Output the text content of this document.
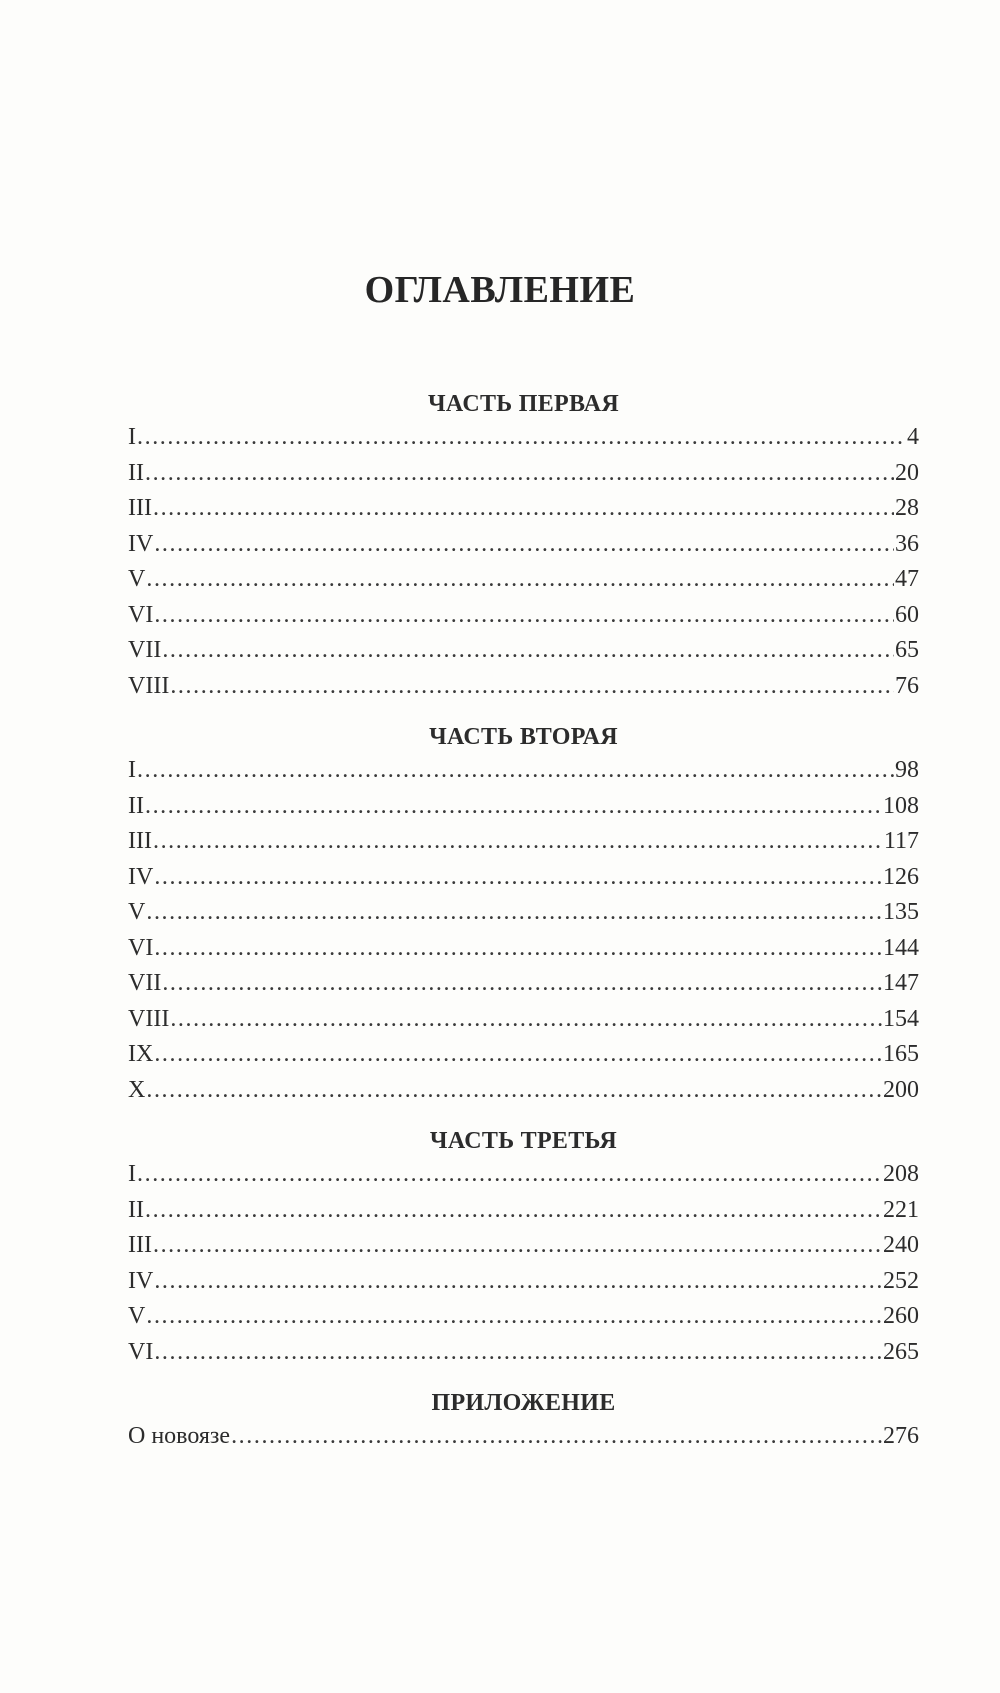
ОГЛАВЛЕНИЕ
ЧАСТЬ ПЕРВАЯ
I .....	4
II .....	20
III .....	28
IV .....	36
V .....	47
VI .....	60
VII .....	65
VIII .....	76
ЧАСТЬ ВТОРАЯ
I .....	98
II .....	108
III .....	117
IV .....	126
V .....	135
VI .....	144
VII .....	147
VIII .....	154
IX .....	165
X .....	200
ЧАСТЬ ТРЕТЬЯ
I .....	208
II .....	221
III .....	240
IV .....	252
V .....	260
VI .....	265
ПРИЛОЖЕНИЕ
О новоязе .....	276
